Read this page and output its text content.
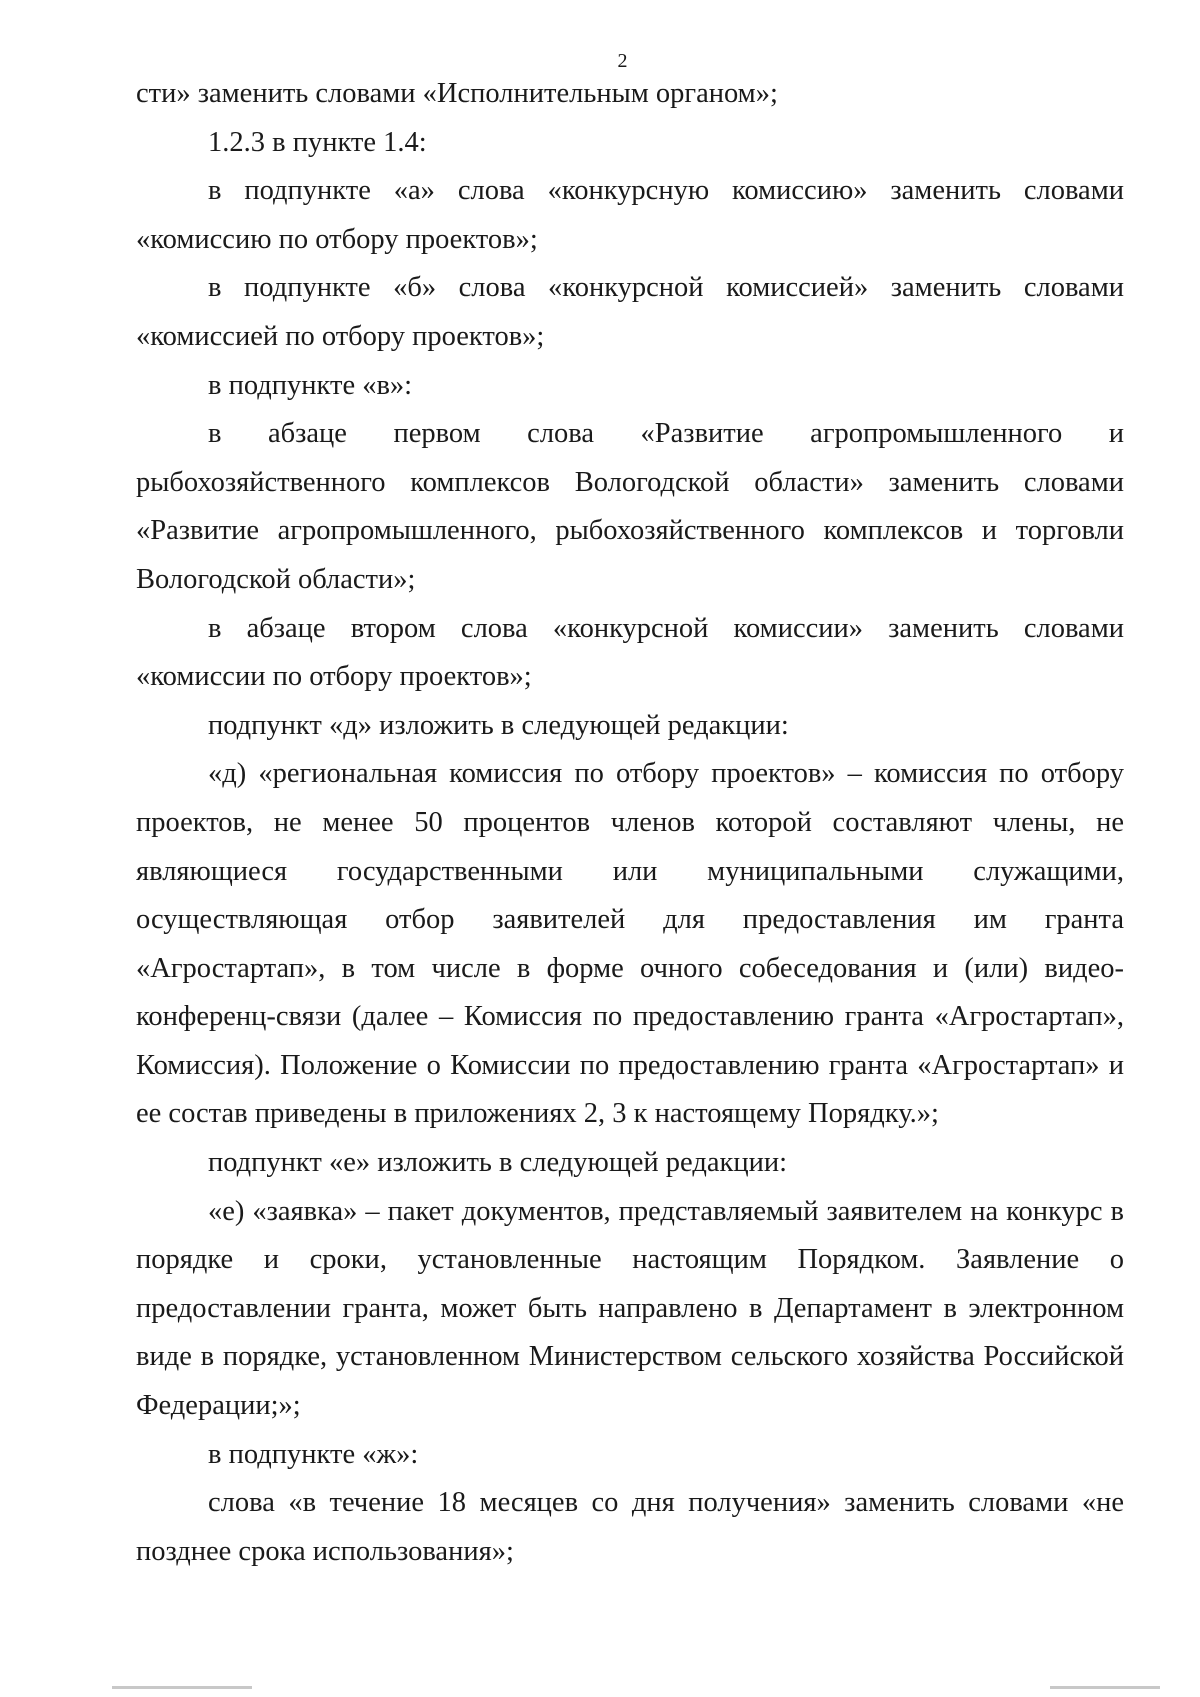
2

сти» заменить словами «Исполнительным органом»;

1.2.3 в пункте 1.4:

в подпункте «а» слова «конкурсную комиссию» заменить словами «комиссию по отбору проектов»;

в подпункте «б» слова «конкурсной комиссией» заменить словами «комиссией по отбору проектов»;

в подпункте «в»:

в абзаце первом слова «Развитие агропромышленного и рыбохозяйственного комплексов Вологодской области» заменить словами «Развитие агропромышленного, рыбохозяйственного комплексов и торговли Вологодской области»;

в абзаце втором слова «конкурсной комиссии» заменить словами «комиссии по отбору проектов»;

подпункт «д» изложить в следующей редакции:

«д) «региональная комиссия по отбору проектов» – комиссия по отбору проектов, не менее 50 процентов членов которой составляют члены, не являющиеся государственными или муниципальными служащими, осуществляющая отбор заявителей для предоставления им гранта «Агростартап», в том числе в форме очного собеседования и (или) видео-конференц-связи (далее – Комиссия по предоставлению гранта «Агростартап», Комиссия). Положение о Комиссии по предоставлению гранта «Агростартап» и ее состав приведены в приложениях 2, 3 к настоящему Порядку.»;

подпункт «е» изложить в следующей редакции:

«е) «заявка» – пакет документов, представляемый заявителем на конкурс в порядке и сроки, установленные настоящим Порядком. Заявление о предоставлении гранта, может быть направлено в Департамент в электронном виде в порядке, установленном Министерством сельского хозяйства Российской Федерации;»;

в подпункте «ж»:

слова «в течение 18 месяцев со дня получения» заменить словами «не позднее срока использования»;
